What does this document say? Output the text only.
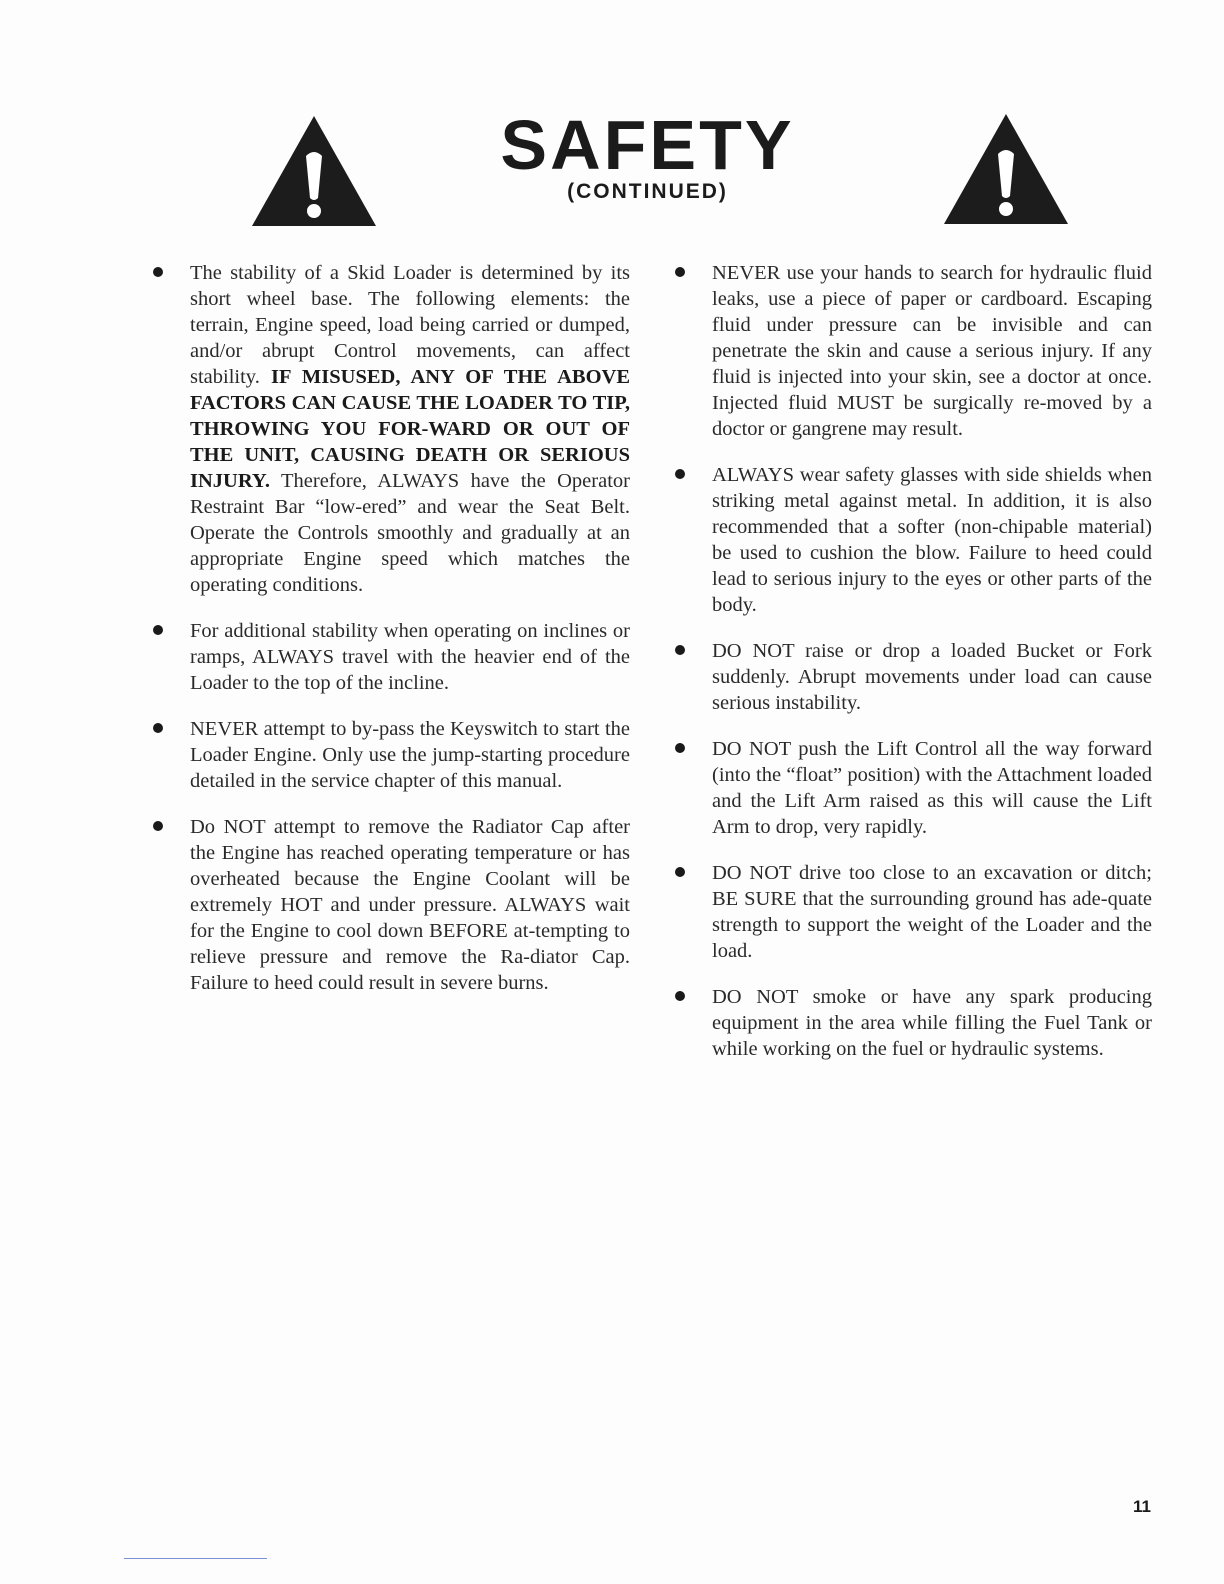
SAFETY
(CONTINUED)
The stability of a Skid Loader is determined by its short wheel base. The following elements: the terrain, Engine speed, load being carried or dumped, and/or abrupt Control movements, can affect stability. IF MISUSED, ANY OF THE ABOVE FACTORS CAN CAUSE THE LOADER TO TIP, THROWING YOU FOR-WARD OR OUT OF THE UNIT, CAUSING DEATH OR SERIOUS INJURY. Therefore, ALWAYS have the Operator Restraint Bar “low-ered” and wear the Seat Belt. Operate the Controls smoothly and gradually at an appropriate Engine speed which matches the operating conditions.
For additional stability when operating on inclines or ramps, ALWAYS travel with the heavier end of the Loader to the top of the incline.
NEVER attempt to by-pass the Keyswitch to start the Loader Engine. Only use the jump-starting procedure detailed in the service chapter of this manual.
Do NOT attempt to remove the Radiator Cap after the Engine has reached operating temperature or has overheated because the Engine Coolant will be extremely HOT and under pressure. ALWAYS wait for the Engine to cool down BEFORE at-tempting to relieve pressure and remove the Ra-diator Cap. Failure to heed could result in severe burns.
NEVER use your hands to search for hydraulic fluid leaks, use a piece of paper or cardboard. Escaping fluid under pressure can be invisible and can penetrate the skin and cause a serious injury. If any fluid is injected into your skin, see a doctor at once. Injected fluid MUST be surgically re-moved by a doctor or gangrene may result.
ALWAYS wear safety glasses with side shields when striking metal against metal. In addition, it is also recommended that a softer (non-chipable material) be used to cushion the blow. Failure to heed could lead to serious injury to the eyes or other parts of the body.
DO NOT raise or drop a loaded Bucket or Fork suddenly. Abrupt movements under load can cause serious instability.
DO NOT push the Lift Control all the way forward (into the “float” position) with the Attachment loaded and the Lift Arm raised as this will cause the Lift Arm to drop, very rapidly.
DO NOT drive too close to an excavation or ditch; BE SURE that the surrounding ground has ade-quate strength to support the weight of the Loader and the load.
DO NOT smoke or have any spark producing equipment in the area while filling the Fuel Tank or while working on the fuel or hydraulic systems.
11
